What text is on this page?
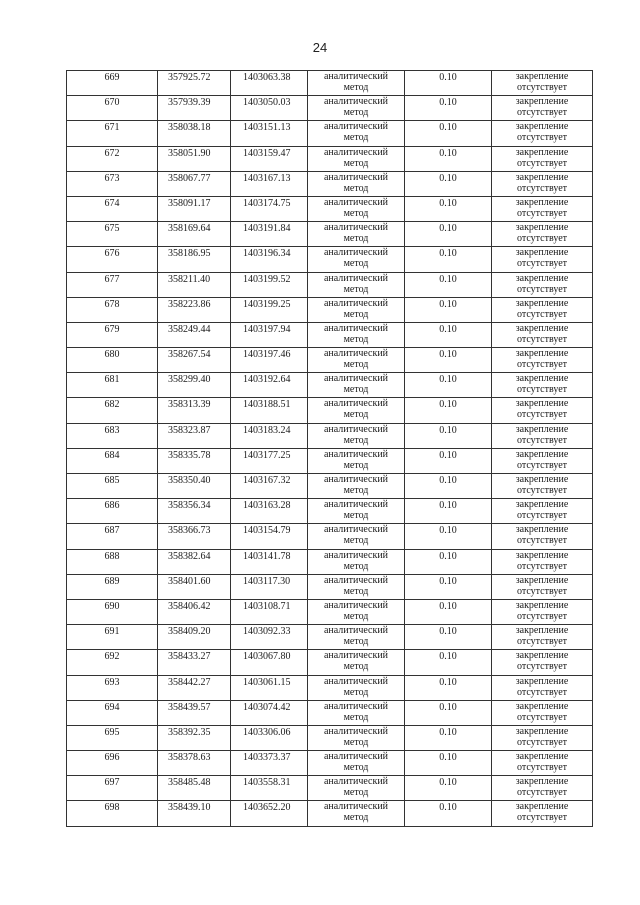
24
669	357925.72	1403063.38	аналитический
метод	0.10	закрепление
отсутствует

670	357939.39	1403050.03	аналитический
метод	0.10	закрепление
отсутствует

671	358038.18	1403151.13	аналитический
метод	0.10	закрепление
отсутствует

672	358051.90	1403159.47	аналитический
метод	0.10	закрепление
отсутствует

673	358067.77	1403167.13	аналитический
метод	0.10	закрепление
отсутствует

674	358091.17	1403174.75	аналитический
метод	0.10	закрепление
отсутствует

675	358169.64	1403191.84	аналитический
метод	0.10	закрепление
отсутствует

676	358186.95	1403196.34	аналитический
метод	0.10	закрепление
отсутствует

677	358211.40	1403199.52	аналитический
метод	0.10	закрепление
отсутствует

678	358223.86	1403199.25	аналитический
метод	0.10	закрепление
отсутствует

679	358249.44	1403197.94	аналитический
метод	0.10	закрепление
отсутствует

680	358267.54	1403197.46	аналитический
метод	0.10	закрепление
отсутствует

681	358299.40	1403192.64	аналитический
метод	0.10	закрепление
отсутствует

682	358313.39	1403188.51	аналитический
метод	0.10	закрепление
отсутствует

683	358323.87	1403183.24	аналитический
метод	0.10	закрепление
отсутствует

684	358335.78	1403177.25	аналитический
метод	0.10	закрепление
отсутствует

685	358350.40	1403167.32	аналитический
метод	0.10	закрепление
отсутствует

686	358356.34	1403163.28	аналитический
метод	0.10	закрепление
отсутствует

687	358366.73	1403154.79	аналитический
метод	0.10	закрепление
отсутствует

688	358382.64	1403141.78	аналитический
метод	0.10	закрепление
отсутствует

689	358401.60	1403117.30	аналитический
метод	0.10	закрепление
отсутствует

690	358406.42	1403108.71	аналитический
метод	0.10	закрепление
отсутствует

691	358409.20	1403092.33	аналитический
метод	0.10	закрепление
отсутствует

692	358433.27	1403067.80	аналитический
метод	0.10	закрепление
отсутствует

693	358442.27	1403061.15	аналитический
метод	0.10	закрепление
отсутствует

694	358439.57	1403074.42	аналитический
метод	0.10	закрепление
отсутствует

695	358392.35	1403306.06	аналитический
метод	0.10	закрепление
отсутствует

696	358378.63	1403373.37	аналитический
метод	0.10	закрепление
отсутствует

697	358485.48	1403558.31	аналитический
метод	0.10	закрепление
отсутствует

698	358439.10	1403652.20	аналитический
метод	0.10	закрепление
отсутствует
